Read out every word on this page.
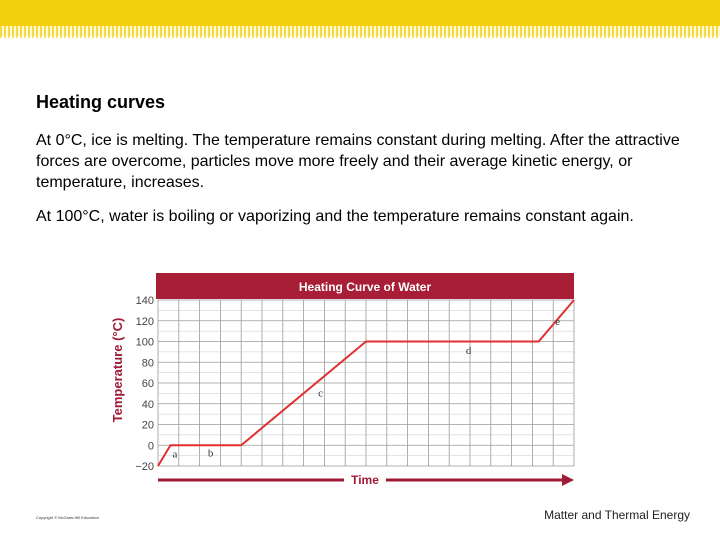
Heating curves

At 0°C, ice is melting. The temperature remains constant during melting. After the attractive forces are overcome, particles move more freely and their average kinetic energy, or temperature, increases.

At 100°C, water is boiling or vaporizing and the temperature remains constant again.

Heating Curve of Water
140
120
100
80
60
40
20
0
−20
Temperature (°C)
a	b
c
d
e
Time
Copyright © McGraw-Hill Education	Matter and Thermal Energy
